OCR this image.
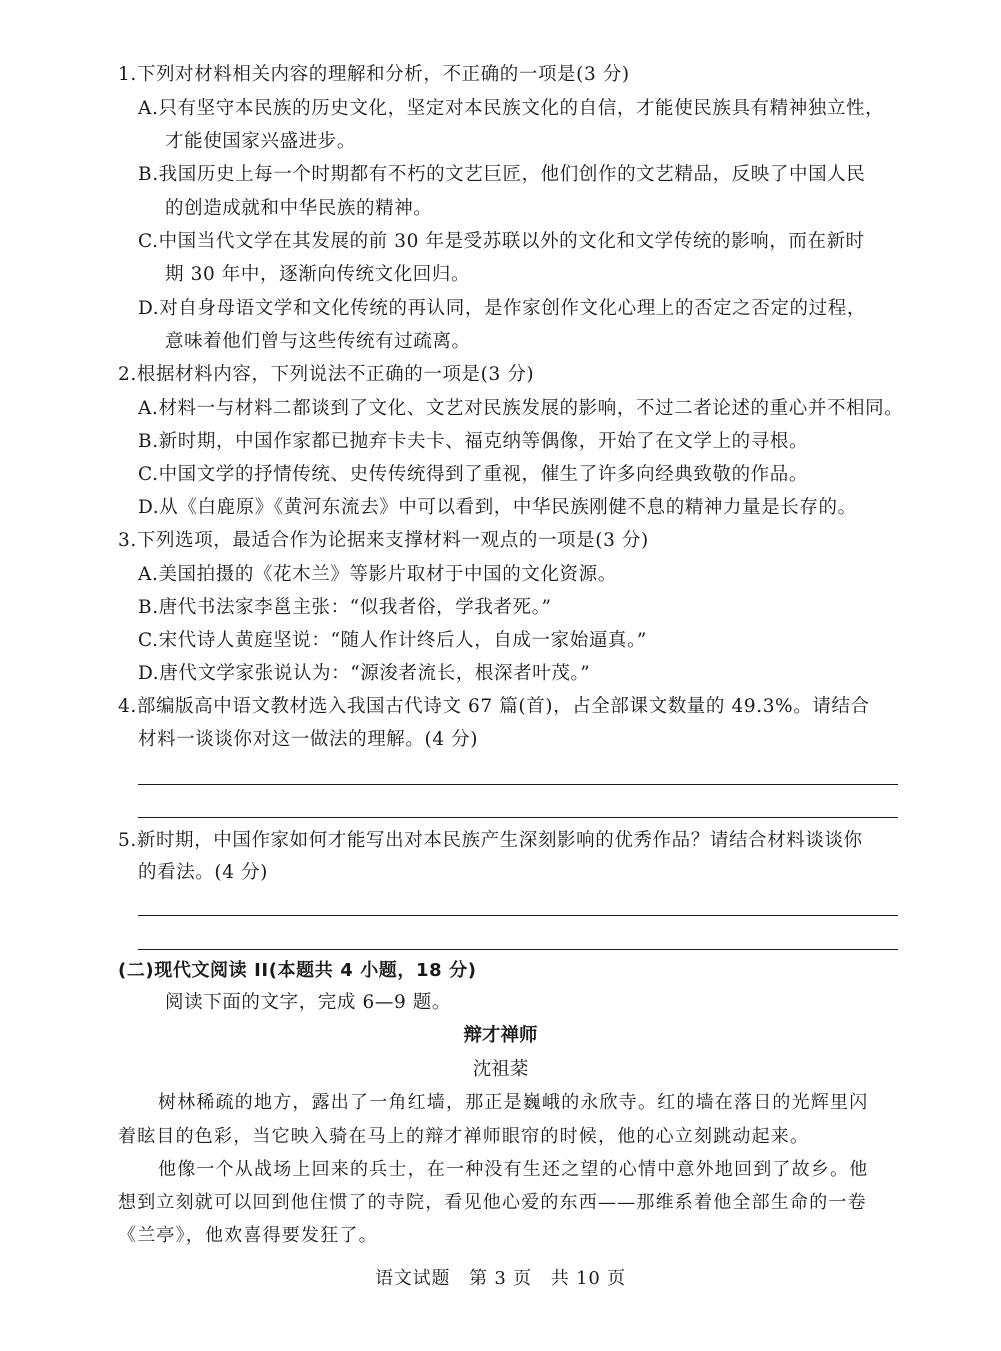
1.下列对材料相关内容的理解和分析，不正确的一项是(3 分)
A.只有坚守本民族的历史文化，坚定对本民族文化的自信，才能使民族具有精神独立性，
才能使国家兴盛进步。
B.我国历史上每一个时期都有不朽的文艺巨匠，他们创作的文艺精品，反映了中国人民
的创造成就和中华民族的精神。
C.中国当代文学在其发展的前 30 年是受苏联以外的文化和文学传统的影响，而在新时
期 30 年中，逐渐向传统文化回归。
D.对自身母语文学和文化传统的再认同，是作家创作文化心理上的否定之否定的过程，
意味着他们曾与这些传统有过疏离。
2.根据材料内容，下列说法不正确的一项是(3 分)
A.材料一与材料二都谈到了文化、文艺对民族发展的影响，不过二者论述的重心并不相同。
B.新时期，中国作家都已抛弃卡夫卡、福克纳等偶像，开始了在文学上的寻根。
C.中国文学的抒情传统、史传传统得到了重视，催生了许多向经典致敬的作品。
D.从《白鹿原》《黄河东流去》中可以看到，中华民族刚健不息的精神力量是长存的。
3.下列选项，最适合作为论据来支撑材料一观点的一项是(3 分)
A.美国拍摄的《花木兰》等影片取材于中国的文化资源。
B.唐代书法家李邕主张：“似我者俗，学我者死。”
C.宋代诗人黄庭坚说：“随人作计终后人，自成一家始逼真。”
D.唐代文学家张说认为：“源浚者流长，根深者叶茂。”
4.部编版高中语文教材选入我国古代诗文 67 篇(首)，占全部课文数量的 49.3%。请结合
材料一谈谈你对这一做法的理解。(4 分)
5.新时期，中国作家如何才能写出对本民族产生深刻影响的优秀作品？请结合材料谈谈你
的看法。(4 分)
(二)现代文阅读 II(本题共 4 小题，18 分)
阅读下面的文字，完成 6—9 题。
辩才禅师
沈祖棻
树林稀疏的地方，露出了一角红墙，那正是巍峨的永欣寺。红的墙在落日的光辉里闪
着眩目的色彩，当它映入骑在马上的辩才禅师眼帘的时候，他的心立刻跳动起来。
他像一个从战场上回来的兵士，在一种没有生还之望的心情中意外地回到了故乡。他
想到立刻就可以回到他住惯了的寺院，看见他心爱的东西——那维系着他全部生命的一卷
《兰亭》，他欢喜得要发狂了。
语文试题　第 3 页　共 10 页
